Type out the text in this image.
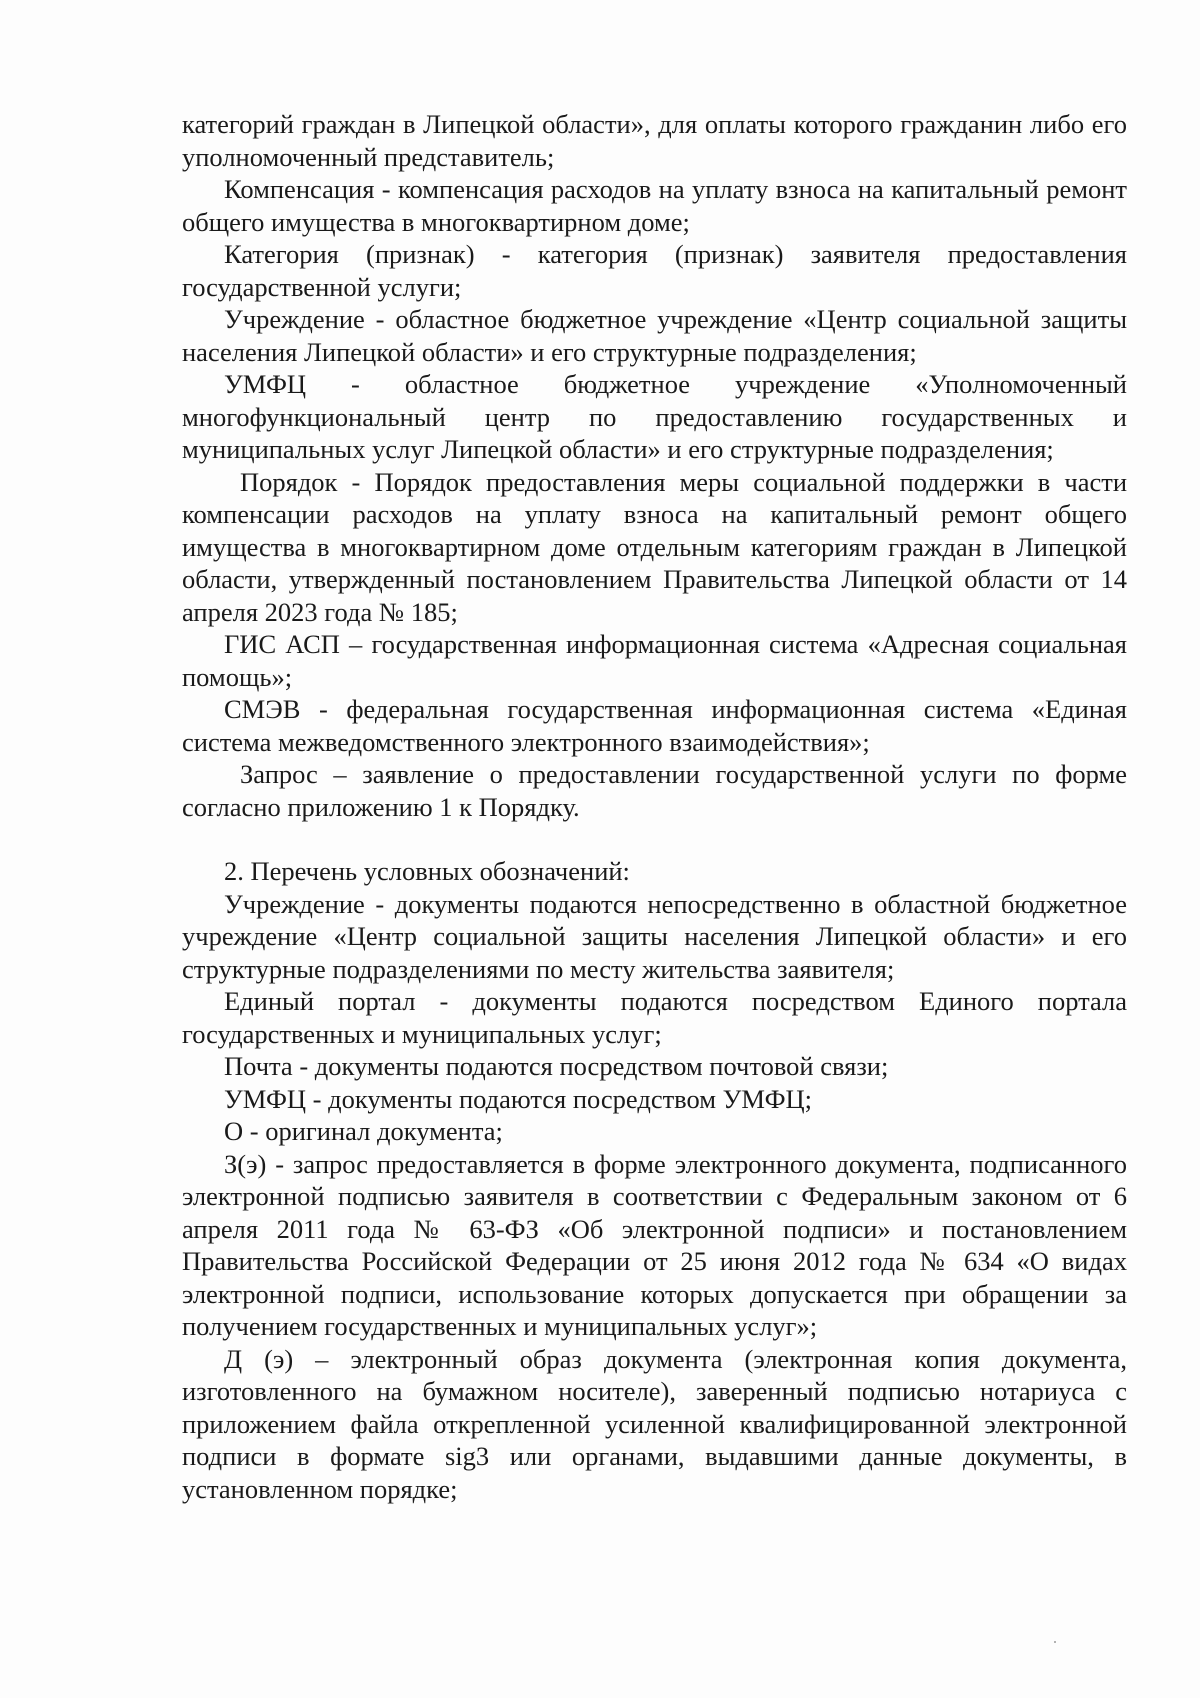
категорий граждан в Липецкой области», для оплаты которого гражданин либо его уполномоченный представитель;

Компенсация - компенсация расходов на уплату взноса на капитальный ремонт общего имущества в многоквартирном доме;

Категория (признак) - категория (признак) заявителя предоставления государственной услуги;

Учреждение - областное бюджетное учреждение «Центр социальной защиты населения Липецкой области» и его структурные подразделения;

УМФЦ - областное бюджетное учреждение «Уполномоченный многофункциональный центр по предоставлению государственных и муниципальных услуг Липецкой области» и его структурные подразделения;

Порядок - Порядок предоставления меры социальной поддержки в части компенсации расходов на уплату взноса на капитальный ремонт общего имущества в многоквартирном доме отдельным категориям граждан в Липецкой области, утвержденный постановлением Правительства Липецкой области от 14 апреля 2023 года № 185;

ГИС АСП – государственная информационная система «Адресная социальная помощь»;

СМЭВ - федеральная государственная информационная система «Единая система межведомственного электронного взаимодействия»;

Запрос – заявление о предоставлении государственной услуги по форме согласно приложению 1 к Порядку.

2. Перечень условных обозначений:

Учреждение - документы подаются непосредственно в областной бюджетное учреждение «Центр социальной защиты населения Липецкой области» и его структурные подразделениями по месту жительства заявителя;

Единый портал - документы подаются посредством Единого портала государственных и муниципальных услуг;

Почта - документы подаются посредством почтовой связи;

УМФЦ - документы подаются посредством УМФЦ;

О - оригинал документа;

З(э) - запрос предоставляется в форме электронного документа, подписанного электронной подписью заявителя в соответствии с Федеральным законом от 6 апреля 2011 года № 63-ФЗ «Об электронной подписи» и постановлением Правительства Российской Федерации от 25 июня 2012 года № 634 «О видах электронной подписи, использование которых допускается при обращении за получением государственных и муниципальных услуг»;

Д (э) – электронный образ документа (электронная копия документа, изготовленного на бумажном носителе), заверенный подписью нотариуса с приложением файла открепленной усиленной квалифицированной электронной подписи в формате sig3 или органами, выдавшими данные документы, в установленном порядке;
